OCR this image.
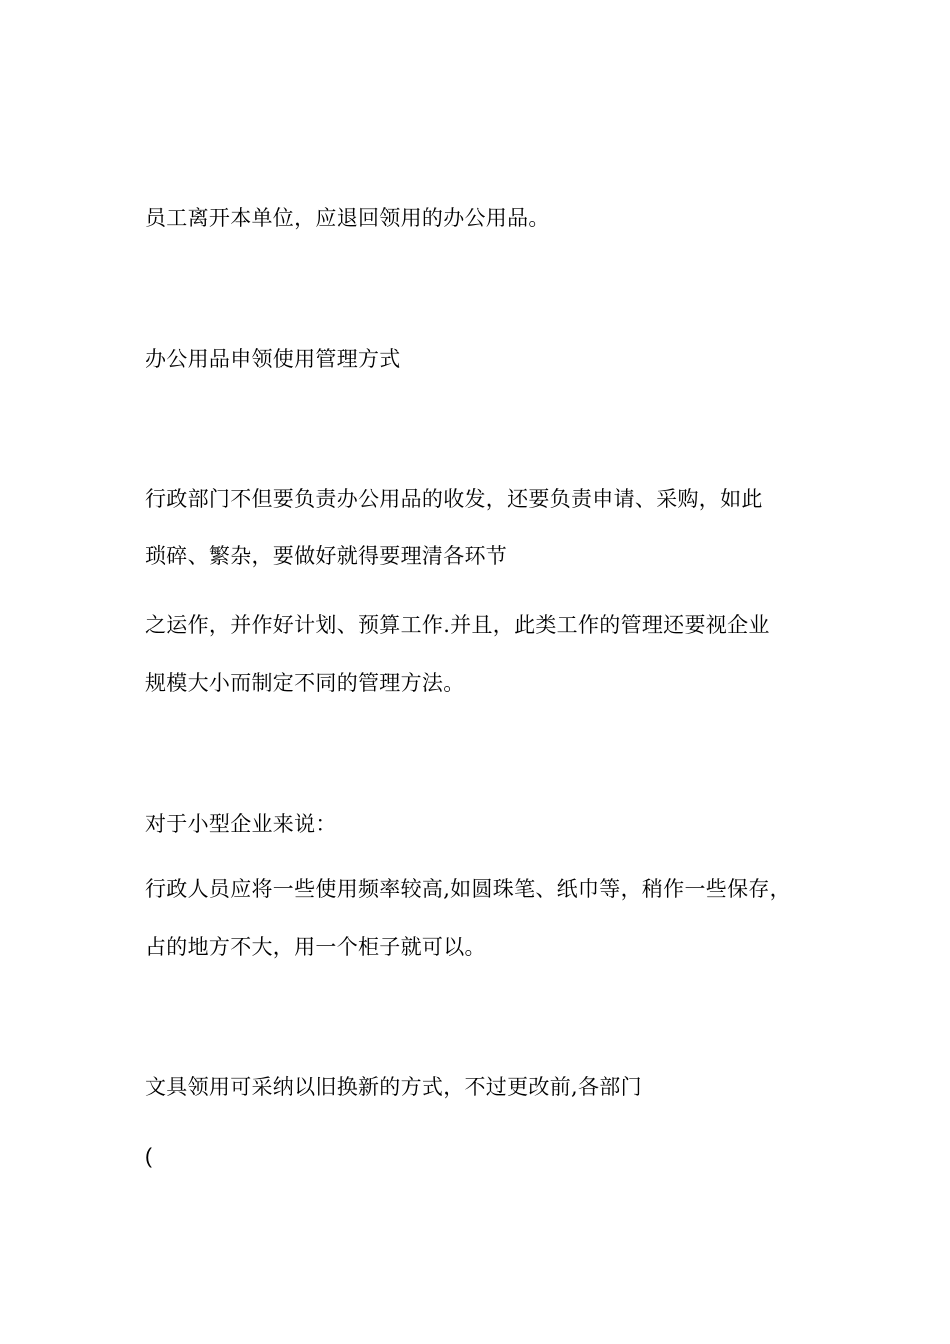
员工离开本单位，应退回领用的办公用品。
办公用品申领使用管理方式
行政部门不但要负责办公用品的收发，还要负责申请、采购，如此
琐碎、繁杂，要做好就得要理清各环节
之运作，并作好计划、预算工作.并且，此类工作的管理还要视企业
规模大小而制定不同的管理方法。
对于小型企业来说：
行政人员应将一些使用频率较高,如圆珠笔、纸巾等，稍作一些保存，
占的地方不大，用一个柜子就可以。
文具领用可采纳以旧换新的方式，不过更改前,各部门
(
